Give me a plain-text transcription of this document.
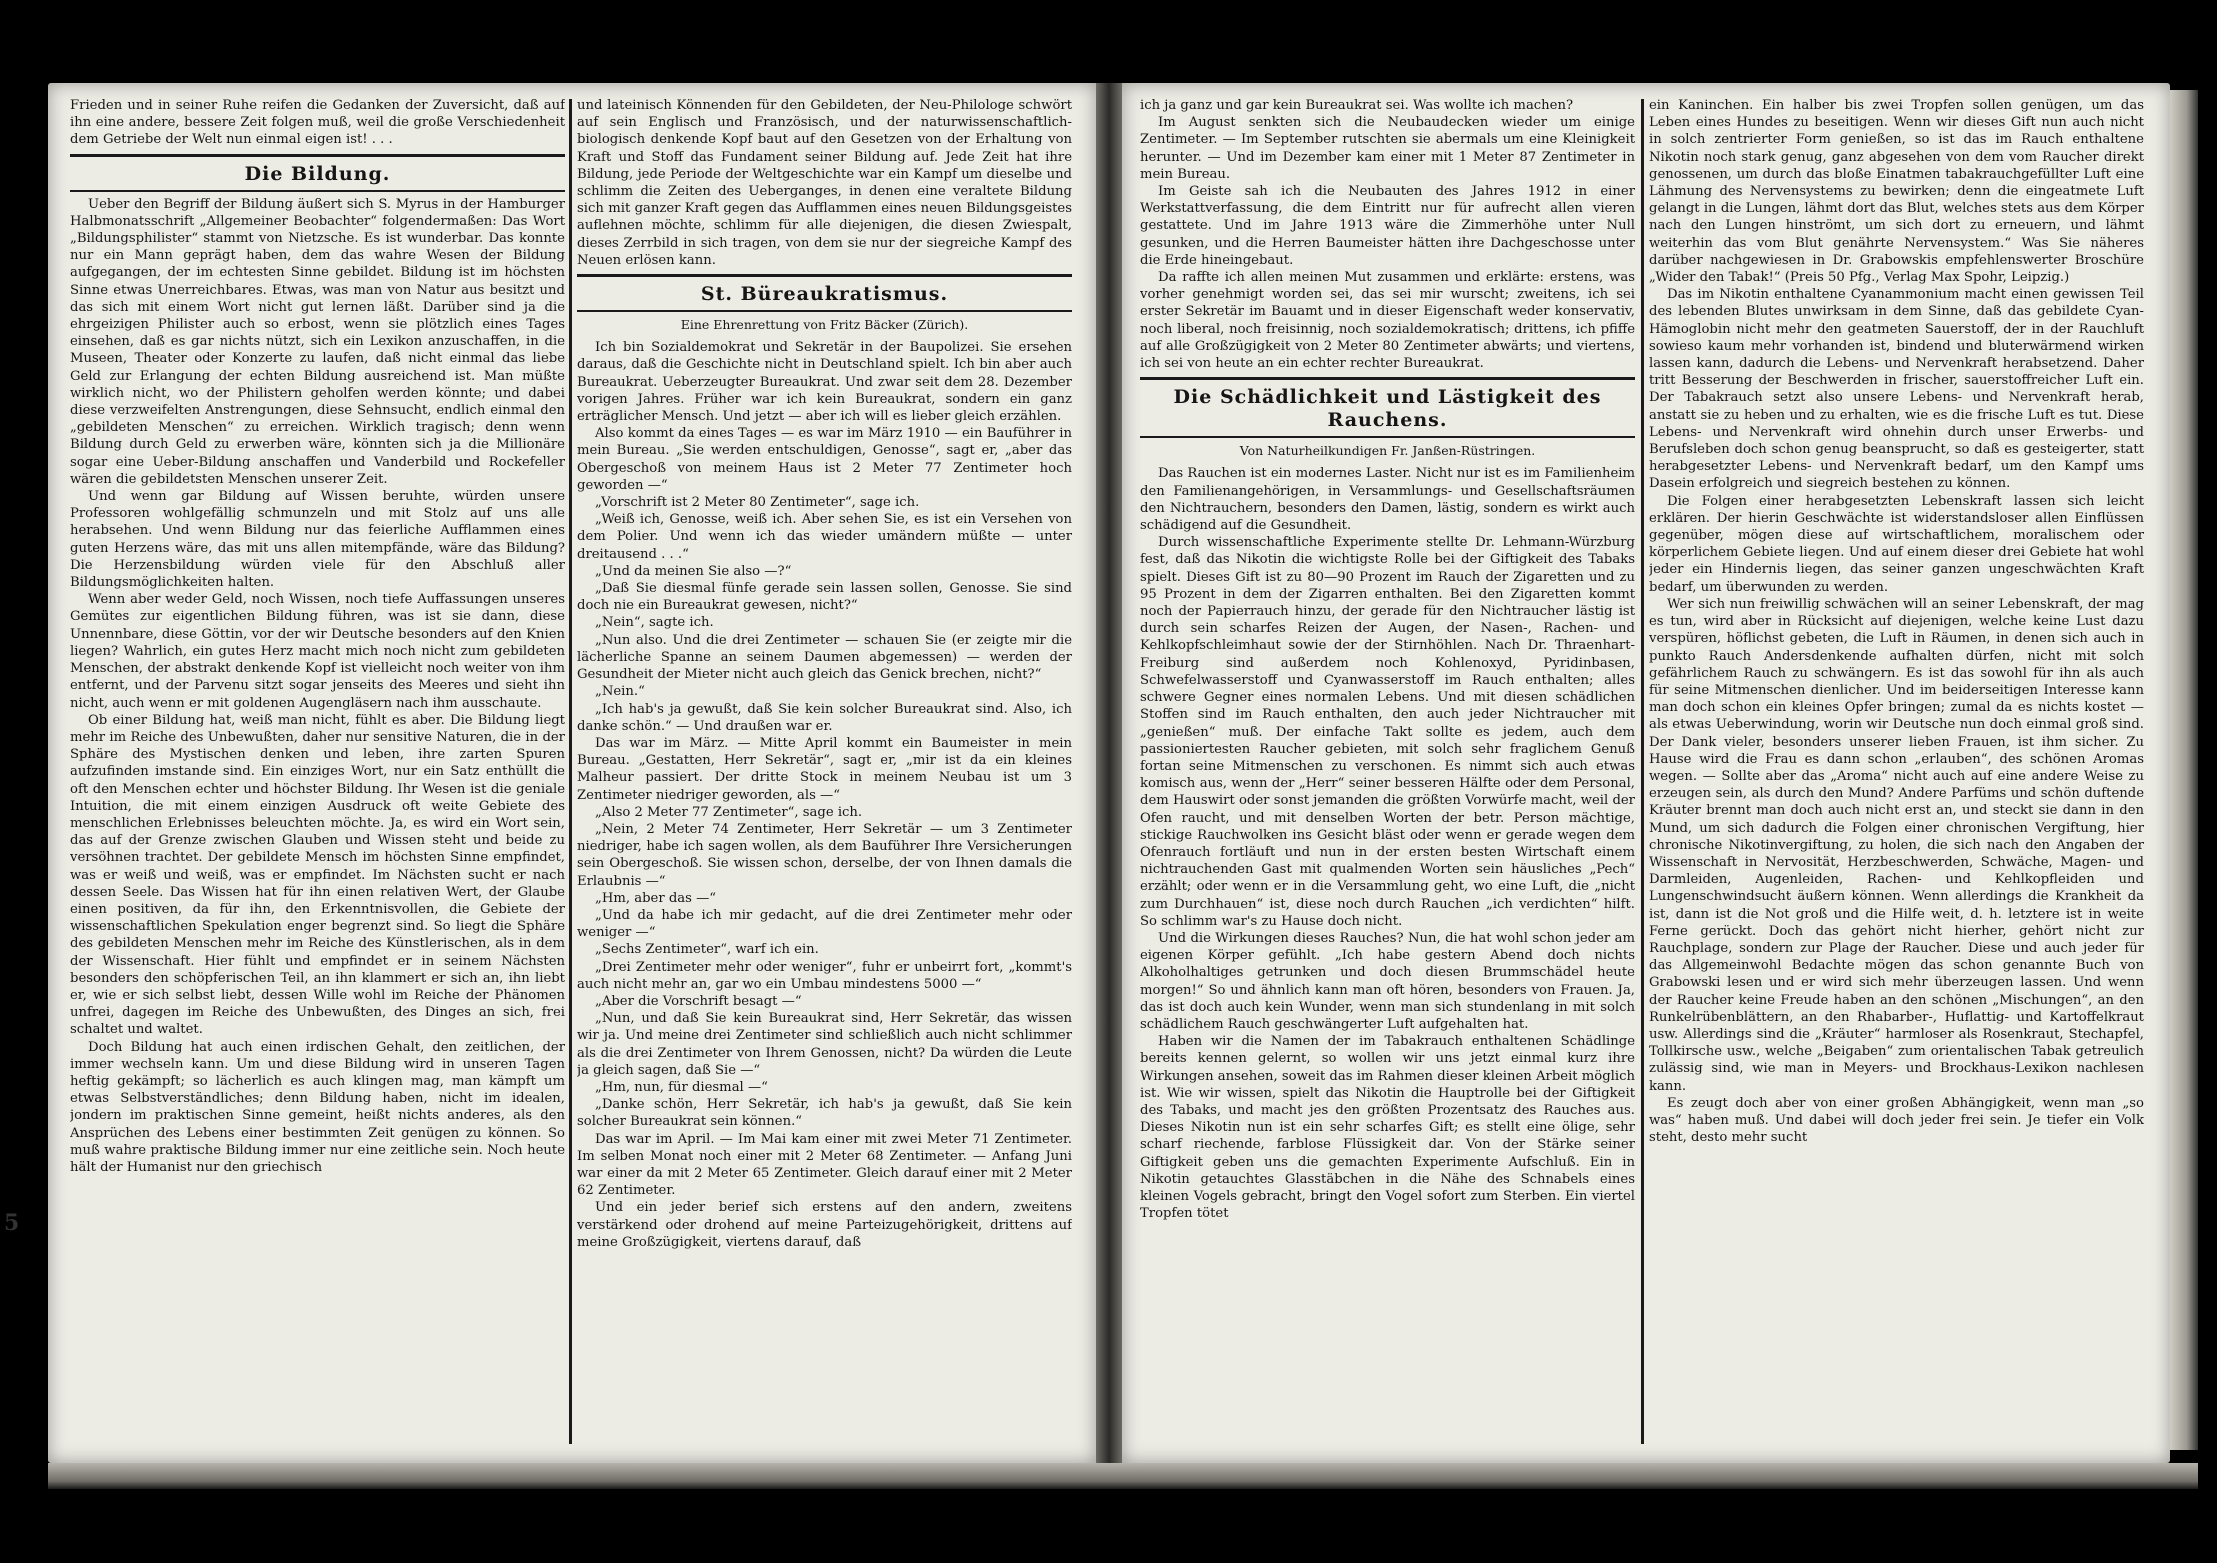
Frieden und in seiner Ruhe reifen die Gedanken der Zuversicht, daß auf ihn eine andere, bessere Zeit folgen muß, weil die große Verschiedenheit dem Getriebe der Welt nun einmal eigen ist! . . .

Die Bildung.

Ueber den Begriff der Bildung äußert sich S. Myrus in der Hamburger Halbmonatsschrift „Allgemeiner Beobachter“ folgendermaßen: Das Wort „Bildungsphilister“ stammt von Nietzsche. Es ist wunderbar. Das konnte nur ein Mann geprägt haben, dem das wahre Wesen der Bildung aufgegangen, der im echtesten Sinne gebildet. Bildung ist im höchsten Sinne etwas Unerreichbares. Etwas, was man von Natur aus besitzt und das sich mit einem Wort nicht gut lernen läßt. Darüber sind ja die ehrgeizigen Philister auch so erbost, wenn sie plötzlich eines Tages einsehen, daß es gar nichts nützt, sich ein Lexikon anzuschaffen, in die Museen, Theater oder Konzerte zu laufen, daß nicht einmal das liebe Geld zur Erlangung der echten Bildung ausreichend ist. Man müßte wirklich nicht, wo der Philistern geholfen werden könnte; und dabei diese verzweifelten Anstrengungen, diese Sehnsucht, endlich einmal den „gebildeten Menschen“ zu erreichen. Wirklich tragisch; denn wenn Bildung durch Geld zu erwerben wäre, könnten sich ja die Millionäre sogar eine Ueber-Bildung anschaffen und Vanderbild und Rockefeller wären die gebildetsten Menschen unserer Zeit.

Und wenn gar Bildung auf Wissen beruhte, würden unsere Professoren wohlgefällig schmunzeln und mit Stolz auf uns alle herabsehen. Und wenn Bildung nur das feierliche Aufflammen eines guten Herzens wäre, das mit uns allen mitempfände, wäre das Bildung? Die Herzensbildung würden viele für den Abschluß aller Bildungsmöglichkeiten halten.

Wenn aber weder Geld, noch Wissen, noch tiefe Auffassungen unseres Gemütes zur eigentlichen Bildung führen, was ist sie dann, diese Unnennbare, diese Göttin, vor der wir Deutsche besonders auf den Knien liegen? Wahrlich, ein gutes Herz macht mich noch nicht zum gebildeten Menschen, der abstrakt denkende Kopf ist vielleicht noch weiter von ihm entfernt, und der Parvenu sitzt sogar jenseits des Meeres und sieht ihn nicht, auch wenn er mit goldenen Augengläsern nach ihm ausschaute.

Ob einer Bildung hat, weiß man nicht, fühlt es aber. Die Bildung liegt mehr im Reiche des Unbewußten, daher nur sensitive Naturen, die in der Sphäre des Mystischen denken und leben, ihre zarten Spuren aufzufinden imstande sind. Ein einziges Wort, nur ein Satz enthüllt die oft den Menschen echter und höchster Bildung. Ihr Wesen ist die geniale Intuition, die mit einem einzigen Ausdruck oft weite Gebiete des menschlichen Erlebnisses beleuchten möchte. Ja, es wird ein Wort sein, das auf der Grenze zwischen Glauben und Wissen steht und beide zu versöhnen trachtet. Der gebildete Mensch im höchsten Sinne empfindet, was er weiß und weiß, was er empfindet. Im Nächsten sucht er nach dessen Seele. Das Wissen hat für ihn einen relativen Wert, der Glaube einen positiven, da für ihn, den Erkenntnisvollen, die Gebiete der wissenschaftlichen Spekulation enger begrenzt sind. So liegt die Sphäre des gebildeten Menschen mehr im Reiche des Künstlerischen, als in dem der Wissenschaft. Hier fühlt und empfindet er in seinem Nächsten besonders den schöpferischen Teil, an ihn klammert er sich an, ihn liebt er, wie er sich selbst liebt, dessen Wille wohl im Reiche der Phänomen unfrei, dagegen im Reiche des Unbewußten, des Dinges an sich, frei schaltet und waltet.

Doch Bildung hat auch einen irdischen Gehalt, den zeitlichen, der immer wechseln kann. Um und diese Bildung wird in unseren Tagen heftig gekämpft; so lächerlich es auch klingen mag, man kämpft um etwas Selbstverständliches; denn Bildung haben, nicht im idealen, jondern im praktischen Sinne gemeint, heißt nichts anderes, als den Ansprüchen des Lebens einer bestimmten Zeit genügen zu können. So muß wahre praktische Bildung immer nur eine zeitliche sein. Noch heute hält der Humanist nur den griechisch

und lateinisch Könnenden für den Gebildeten, der Neu-Philologe schwört auf sein Englisch und Französisch, und der naturwissenschaftlich-biologisch denkende Kopf baut auf den Gesetzen von der Erhaltung von Kraft und Stoff das Fundament seiner Bildung auf. Jede Zeit hat ihre Bildung, jede Periode der Weltgeschichte war ein Kampf um dieselbe und schlimm die Zeiten des Ueberganges, in denen eine veraltete Bildung sich mit ganzer Kraft gegen das Aufflammen eines neuen Bildungsgeistes auflehnen möchte, schlimm für alle diejenigen, die diesen Zwiespalt, dieses Zerrbild in sich tragen, von dem sie nur der siegreiche Kampf des Neuen erlösen kann.

St. Büreaukratismus.
Eine Ehrenrettung von Fritz Bäcker (Zürich).

Ich bin Sozialdemokrat und Sekretär in der Baupolizei. Sie ersehen daraus, daß die Geschichte nicht in Deutschland spielt. Ich bin aber auch Bureaukrat. Ueberzeugter Bureaukrat. Und zwar seit dem 28. Dezember vorigen Jahres. Früher war ich kein Bureaukrat, sondern ein ganz erträglicher Mensch. Und jetzt — aber ich will es lieber gleich erzählen.

Also kommt da eines Tages — es war im März 1910 — ein Bauführer in mein Bureau. „Sie werden entschuldigen, Genosse“, sagt er, „aber das Obergeschoß von meinem Haus ist 2 Meter 77 Zentimeter hoch geworden —“

„Vorschrift ist 2 Meter 80 Zentimeter“, sage ich.

„Weiß ich, Genosse, weiß ich. Aber sehen Sie, es ist ein Versehen von dem Polier. Und wenn ich das wieder umändern müßte — unter dreitausend . . .“

„Und da meinen Sie also —?“

„Daß Sie diesmal fünfe gerade sein lassen sollen, Genosse. Sie sind doch nie ein Bureaukrat gewesen, nicht?“

„Nein“, sagte ich.

„Nun also. Und die drei Zentimeter — schauen Sie (er zeigte mir die lächerliche Spanne an seinem Daumen abgemessen) — werden der Gesundheit der Mieter nicht auch gleich das Genick brechen, nicht?“

„Nein.“

„Ich hab's ja gewußt, daß Sie kein solcher Bureaukrat sind. Also, ich danke schön.“ — Und draußen war er.

Das war im März. — Mitte April kommt ein Baumeister in mein Bureau. „Gestatten, Herr Sekretär“, sagt er, „mir ist da ein kleines Malheur passiert. Der dritte Stock in meinem Neubau ist um 3 Zentimeter niedriger geworden, als —“

„Also 2 Meter 77 Zentimeter“, sage ich.

„Nein, 2 Meter 74 Zentimeter, Herr Sekretär — um 3 Zentimeter niedriger, habe ich sagen wollen, als dem Bauführer Ihre Versicherungen sein Obergeschoß. Sie wissen schon, derselbe, der von Ihnen damals die Erlaubnis —“

„Hm, aber das —“

„Und da habe ich mir gedacht, auf die drei Zentimeter mehr oder weniger —“

„Sechs Zentimeter“, warf ich ein.

„Drei Zentimeter mehr oder weniger“, fuhr er unbeirrt fort, „kommt's auch nicht mehr an, gar wo ein Umbau mindestens 5000 —“

„Aber die Vorschrift besagt —“

„Nun, und daß Sie kein Bureaukrat sind, Herr Sekretär, das wissen wir ja. Und meine drei Zentimeter sind schließlich auch nicht schlimmer als die drei Zentimeter von Ihrem Genossen, nicht? Da würden die Leute ja gleich sagen, daß Sie —“

„Hm, nun, für diesmal —“

„Danke schön, Herr Sekretär, ich hab's ja gewußt, daß Sie kein solcher Bureaukrat sein können.“

Das war im April. — Im Mai kam einer mit zwei Meter 71 Zentimeter. Im selben Monat noch einer mit 2 Meter 68 Zentimeter. — Anfang Juni war einer da mit 2 Meter 65 Zentimeter. Gleich darauf einer mit 2 Meter 62 Zentimeter.

Und ein jeder berief sich erstens auf den andern, zweitens verstärkend oder drohend auf meine Parteizugehörigkeit, drittens auf meine Großzügigkeit, viertens darauf, daß

5

ich ja ganz und gar kein Bureaukrat sei. Was wollte ich machen?

Im August senkten sich die Neubaudecken wieder um einige Zentimeter. — Im September rutschten sie abermals um eine Kleinigkeit herunter. — Und im Dezember kam einer mit 1 Meter 87 Zentimeter in mein Bureau.

Im Geiste sah ich die Neubauten des Jahres 1912 in einer Werkstattverfassung, die dem Eintritt nur für aufrecht allen vieren gestattete. Und im Jahre 1913 wäre die Zimmerhöhe unter Null gesunken, und die Herren Baumeister hätten ihre Dachgeschosse unter die Erde hineingebaut.

Da raffte ich allen meinen Mut zusammen und erklärte: erstens, was vorher genehmigt worden sei, das sei mir wurscht; zweitens, ich sei erster Sekretär im Bauamt und in dieser Eigenschaft weder konservativ, noch liberal, noch freisinnig, noch sozialdemokratisch; drittens, ich pfiffe auf alle Großzügigkeit von 2 Meter 80 Zentimeter abwärts; und viertens, ich sei von heute an ein echter rechter Bureaukrat.

Die Schädlichkeit und Lästigkeit des Rauchens.
Von Naturheilkundigen Fr. Janßen-Rüstringen.

Das Rauchen ist ein modernes Laster. Nicht nur ist es im Familienheim den Familienangehörigen, in Versammlungs- und Gesellschaftsräumen den Nichtrauchern, besonders den Damen, lästig, sondern es wirkt auch schädigend auf die Gesundheit.

Durch wissenschaftliche Experimente stellte Dr. Lehmann-Würzburg fest, daß das Nikotin die wichtigste Rolle bei der Giftigkeit des Tabaks spielt. Dieses Gift ist zu 80—90 Prozent im Rauch der Zigaretten und zu 95 Prozent in dem der Zigarren enthalten. Bei den Zigaretten kommt noch der Papierrauch hinzu, der gerade für den Nichtraucher lästig ist durch sein scharfes Reizen der Augen, der Nasen-, Rachen- und Kehlkopfschleimhaut sowie der der Stirnhöhlen. Nach Dr. Thraenhart-Freiburg sind außerdem noch Kohlenoxyd, Pyridinbasen, Schwefelwasserstoff und Cyanwasserstoff im Rauch enthalten; alles schwere Gegner eines normalen Lebens. Und mit diesen schädlichen Stoffen sind im Rauch enthalten, den auch jeder Nichtraucher mit „genießen“ muß. Der einfache Takt sollte es jedem, auch dem passioniertesten Raucher gebieten, mit solch sehr fraglichem Genuß fortan seine Mitmenschen zu verschonen. Es nimmt sich auch etwas komisch aus, wenn der „Herr“ seiner besseren Hälfte oder dem Personal, dem Hauswirt oder sonst jemanden die größten Vorwürfe macht, weil der Ofen raucht, und mit denselben Worten der betr. Person mächtige, stickige Rauchwolken ins Gesicht bläst oder wenn er gerade wegen dem Ofenrauch fortläuft und nun in der ersten besten Wirtschaft einem nichtrauchenden Gast mit qualmenden Worten sein häusliches „Pech“ erzählt; oder wenn er in die Versammlung geht, wo eine Luft, die „nicht zum Durchhauen“ ist, diese noch durch Rauchen „ich verdichten“ hilft. So schlimm war's zu Hause doch nicht.

Und die Wirkungen dieses Rauches? Nun, die hat wohl schon jeder am eigenen Körper gefühlt. „Ich habe gestern Abend doch nichts Alkoholhaltiges getrunken und doch diesen Brummschädel heute morgen!“ So und ähnlich kann man oft hören, besonders von Frauen. Ja, das ist doch auch kein Wunder, wenn man sich stundenlang in mit solch schädlichem Rauch geschwängerter Luft aufgehalten hat.

Haben wir die Namen der im Tabakrauch enthaltenen Schädlinge bereits kennen gelernt, so wollen wir uns jetzt einmal kurz ihre Wirkungen ansehen, soweit das im Rahmen dieser kleinen Arbeit möglich ist. Wie wir wissen, spielt das Nikotin die Hauptrolle bei der Giftigkeit des Tabaks, und macht jes den größten Prozentsatz des Rauches aus. Dieses Nikotin nun ist ein sehr scharfes Gift; es stellt eine ölige, sehr scharf riechende, farblose Flüssigkeit dar. Von der Stärke seiner Giftigkeit geben uns die gemachten Experimente Aufschluß. Ein in Nikotin getauchtes Glasstäbchen in die Nähe des Schnabels eines kleinen Vogels gebracht, bringt den Vogel sofort zum Sterben. Ein viertel Tropfen tötet

ein Kaninchen. Ein halber bis zwei Tropfen sollen genügen, um das Leben eines Hundes zu beseitigen. Wenn wir dieses Gift nun auch nicht in solch zentrierter Form genießen, so ist das im Rauch enthaltene Nikotin noch stark genug, ganz abgesehen von dem vom Raucher direkt genossenen, um durch das bloße Einatmen tabakrauchgefüllter Luft eine Lähmung des Nervensystems zu bewirken; denn die eingeatmete Luft gelangt in die Lungen, lähmt dort das Blut, welches stets aus dem Körper nach den Lungen hinströmt, um sich dort zu erneuern, und lähmt weiterhin das vom Blut genährte Nervensystem.“ Was Sie näheres darüber nachgewiesen in Dr. Grabowskis empfehlenswerter Broschüre „Wider den Tabak!“ (Preis 50 Pfg., Verlag Max Spohr, Leipzig.)

Das im Nikotin enthaltene Cyanammonium macht einen gewissen Teil des lebenden Blutes unwirksam in dem Sinne, daß das gebildete Cyan-Hämoglobin nicht mehr den geatmeten Sauerstoff, der in der Rauchluft sowieso kaum mehr vorhanden ist, bindend und bluterwärmend wirken lassen kann, dadurch die Lebens- und Nervenkraft herabsetzend. Daher tritt Besserung der Beschwerden in frischer, sauerstoffreicher Luft ein. Der Tabakrauch setzt also unsere Lebens- und Nervenkraft herab, anstatt sie zu heben und zu erhalten, wie es die frische Luft es tut. Diese Lebens- und Nervenkraft wird ohnehin durch unser Erwerbs- und Berufsleben doch schon genug beansprucht, so daß es gesteigerter, statt herabgesetzter Lebens- und Nervenkraft bedarf, um den Kampf ums Dasein erfolgreich und siegreich bestehen zu können.

Die Folgen einer herabgesetzten Lebenskraft lassen sich leicht erklären. Der hierin Geschwächte ist widerstandsloser allen Einflüssen gegenüber, mögen diese auf wirtschaftlichem, moralischem oder körperlichem Gebiete liegen. Und auf einem dieser drei Gebiete hat wohl jeder ein Hindernis liegen, das seiner ganzen ungeschwächten Kraft bedarf, um überwunden zu werden.

Wer sich nun freiwillig schwächen will an seiner Lebenskraft, der mag es tun, wird aber in Rücksicht auf diejenigen, welche keine Lust dazu verspüren, höflichst gebeten, die Luft in Räumen, in denen sich auch in punkto Rauch Andersdenkende aufhalten dürfen, nicht mit solch gefährlichem Rauch zu schwängern. Es ist das sowohl für ihn als auch für seine Mitmenschen dienlicher. Und im beiderseitigen Interesse kann man doch schon ein kleines Opfer bringen; zumal da es nichts kostet — als etwas Ueberwindung, worin wir Deutsche nun doch einmal groß sind. Der Dank vieler, besonders unserer lieben Frauen, ist ihm sicher. Zu Hause wird die Frau es dann schon „erlauben“, des schönen Aromas wegen. — Sollte aber das „Aroma“ nicht auch auf eine andere Weise zu erzeugen sein, als durch den Mund? Andere Parfüms und schön duftende Kräuter brennt man doch auch nicht erst an, und steckt sie dann in den Mund, um sich dadurch die Folgen einer chronischen Vergiftung, hier chronische Nikotinvergiftung, zu holen, die sich nach den Angaben der Wissenschaft in Nervosität, Herzbeschwerden, Schwäche, Magen- und Darmleiden, Augenleiden, Rachen- und Kehlkopfleiden und Lungenschwindsucht äußern können. Wenn allerdings die Krankheit da ist, dann ist die Not groß und die Hilfe weit, d. h. letztere ist in weite Ferne gerückt. Doch das gehört nicht hierher, gehört nicht zur Rauchplage, sondern zur Plage der Raucher. Diese und auch jeder für das Allgemeinwohl Bedachte mögen das schon genannte Buch von Grabowski lesen und er wird sich mehr überzeugen lassen. Und wenn der Raucher keine Freude haben an den schönen „Mischungen“, an den Runkelrübenblättern, an den Rhabarber-, Huflattig- und Kartoffelkraut usw. Allerdings sind die „Kräuter“ harmloser als Rosenkraut, Stechapfel, Tollkirsche usw., welche „Beigaben“ zum orientalischen Tabak getreulich zulässig sind, wie man in Meyers- und Brockhaus-Lexikon nachlesen kann.

Es zeugt doch aber von einer großen Abhängigkeit, wenn man „so was“ haben muß. Und dabei will doch jeder frei sein. Je tiefer ein Volk steht, desto mehr sucht
